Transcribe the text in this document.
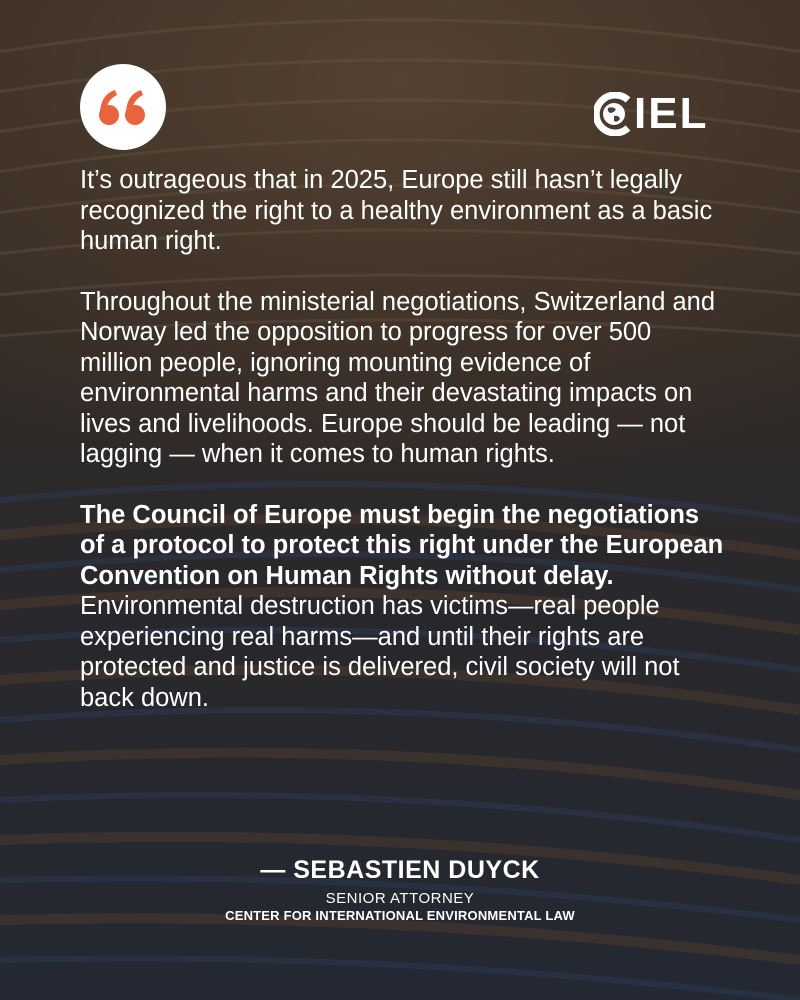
IEL

It’s outrageous that in 2025, Europe still hasn’t legally recognized the right to a healthy environment as a basic human right.

Throughout the ministerial negotiations, Switzerland and Norway led the opposition to progress for over 500 million people, ignoring mounting evidence of environmental harms and their devastating impacts on lives and livelihoods. Europe should be leading — not lagging — when it comes to human rights.

The Council of Europe must begin the negotiations of a protocol to protect this right under the European Convention on Human Rights without delay.

Environmental destruction has victims—real people experiencing real harms—and until their rights are protected and justice is delivered, civil society will not back down.

— SEBASTIEN DUYCK
SENIOR ATTORNEY
CENTER FOR INTERNATIONAL ENVIRONMENTAL LAW
